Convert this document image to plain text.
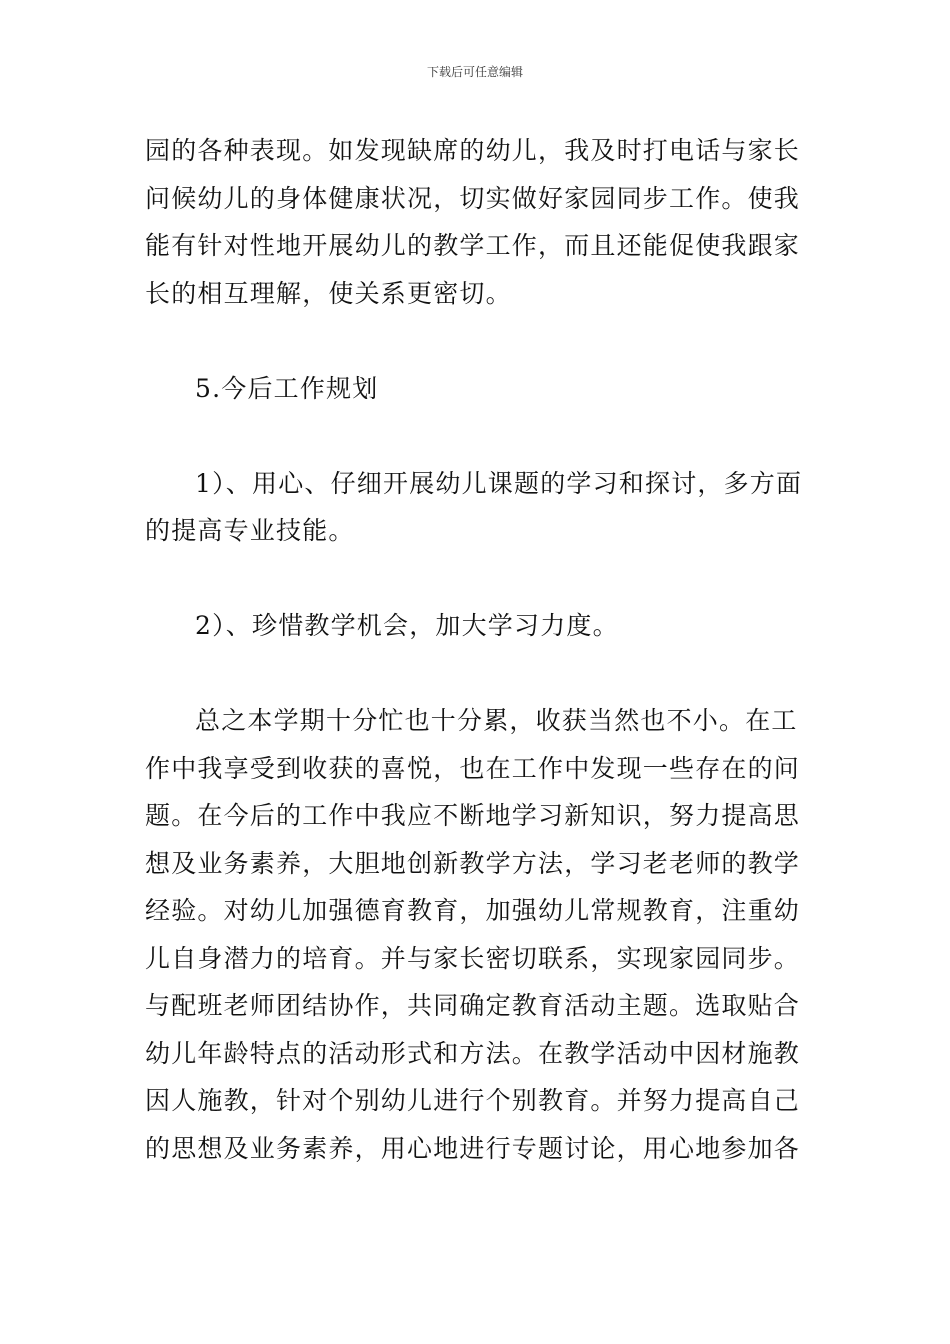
下载后可任意编辑
园的各种表现。如发现缺席的幼儿，我及时打电话与家长
问候幼儿的身体健康状况，切实做好家园同步工作。使我
能有针对性地开展幼儿的教学工作，而且还能促使我跟家
长的相互理解，使关系更密切。
5.今后工作规划
1）、用心、仔细开展幼儿课题的学习和探讨，多方面
的提高专业技能。
2）、珍惜教学机会，加大学习力度。
总之本学期十分忙也十分累，收获当然也不小。在工
作中我享受到收获的喜悦，也在工作中发现一些存在的问
题。在今后的工作中我应不断地学习新知识，努力提高思
想及业务素养，大胆地创新教学方法，学习老老师的教学
经验。对幼儿加强德育教育，加强幼儿常规教育，注重幼
儿自身潜力的培育。并与家长密切联系，实现家园同步。
与配班老师团结协作，共同确定教育活动主题。选取贴合
幼儿年龄特点的活动形式和方法。在教学活动中因材施教
因人施教，针对个别幼儿进行个别教育。并努力提高自己
的思想及业务素养，用心地进行专题讨论，用心地参加各
